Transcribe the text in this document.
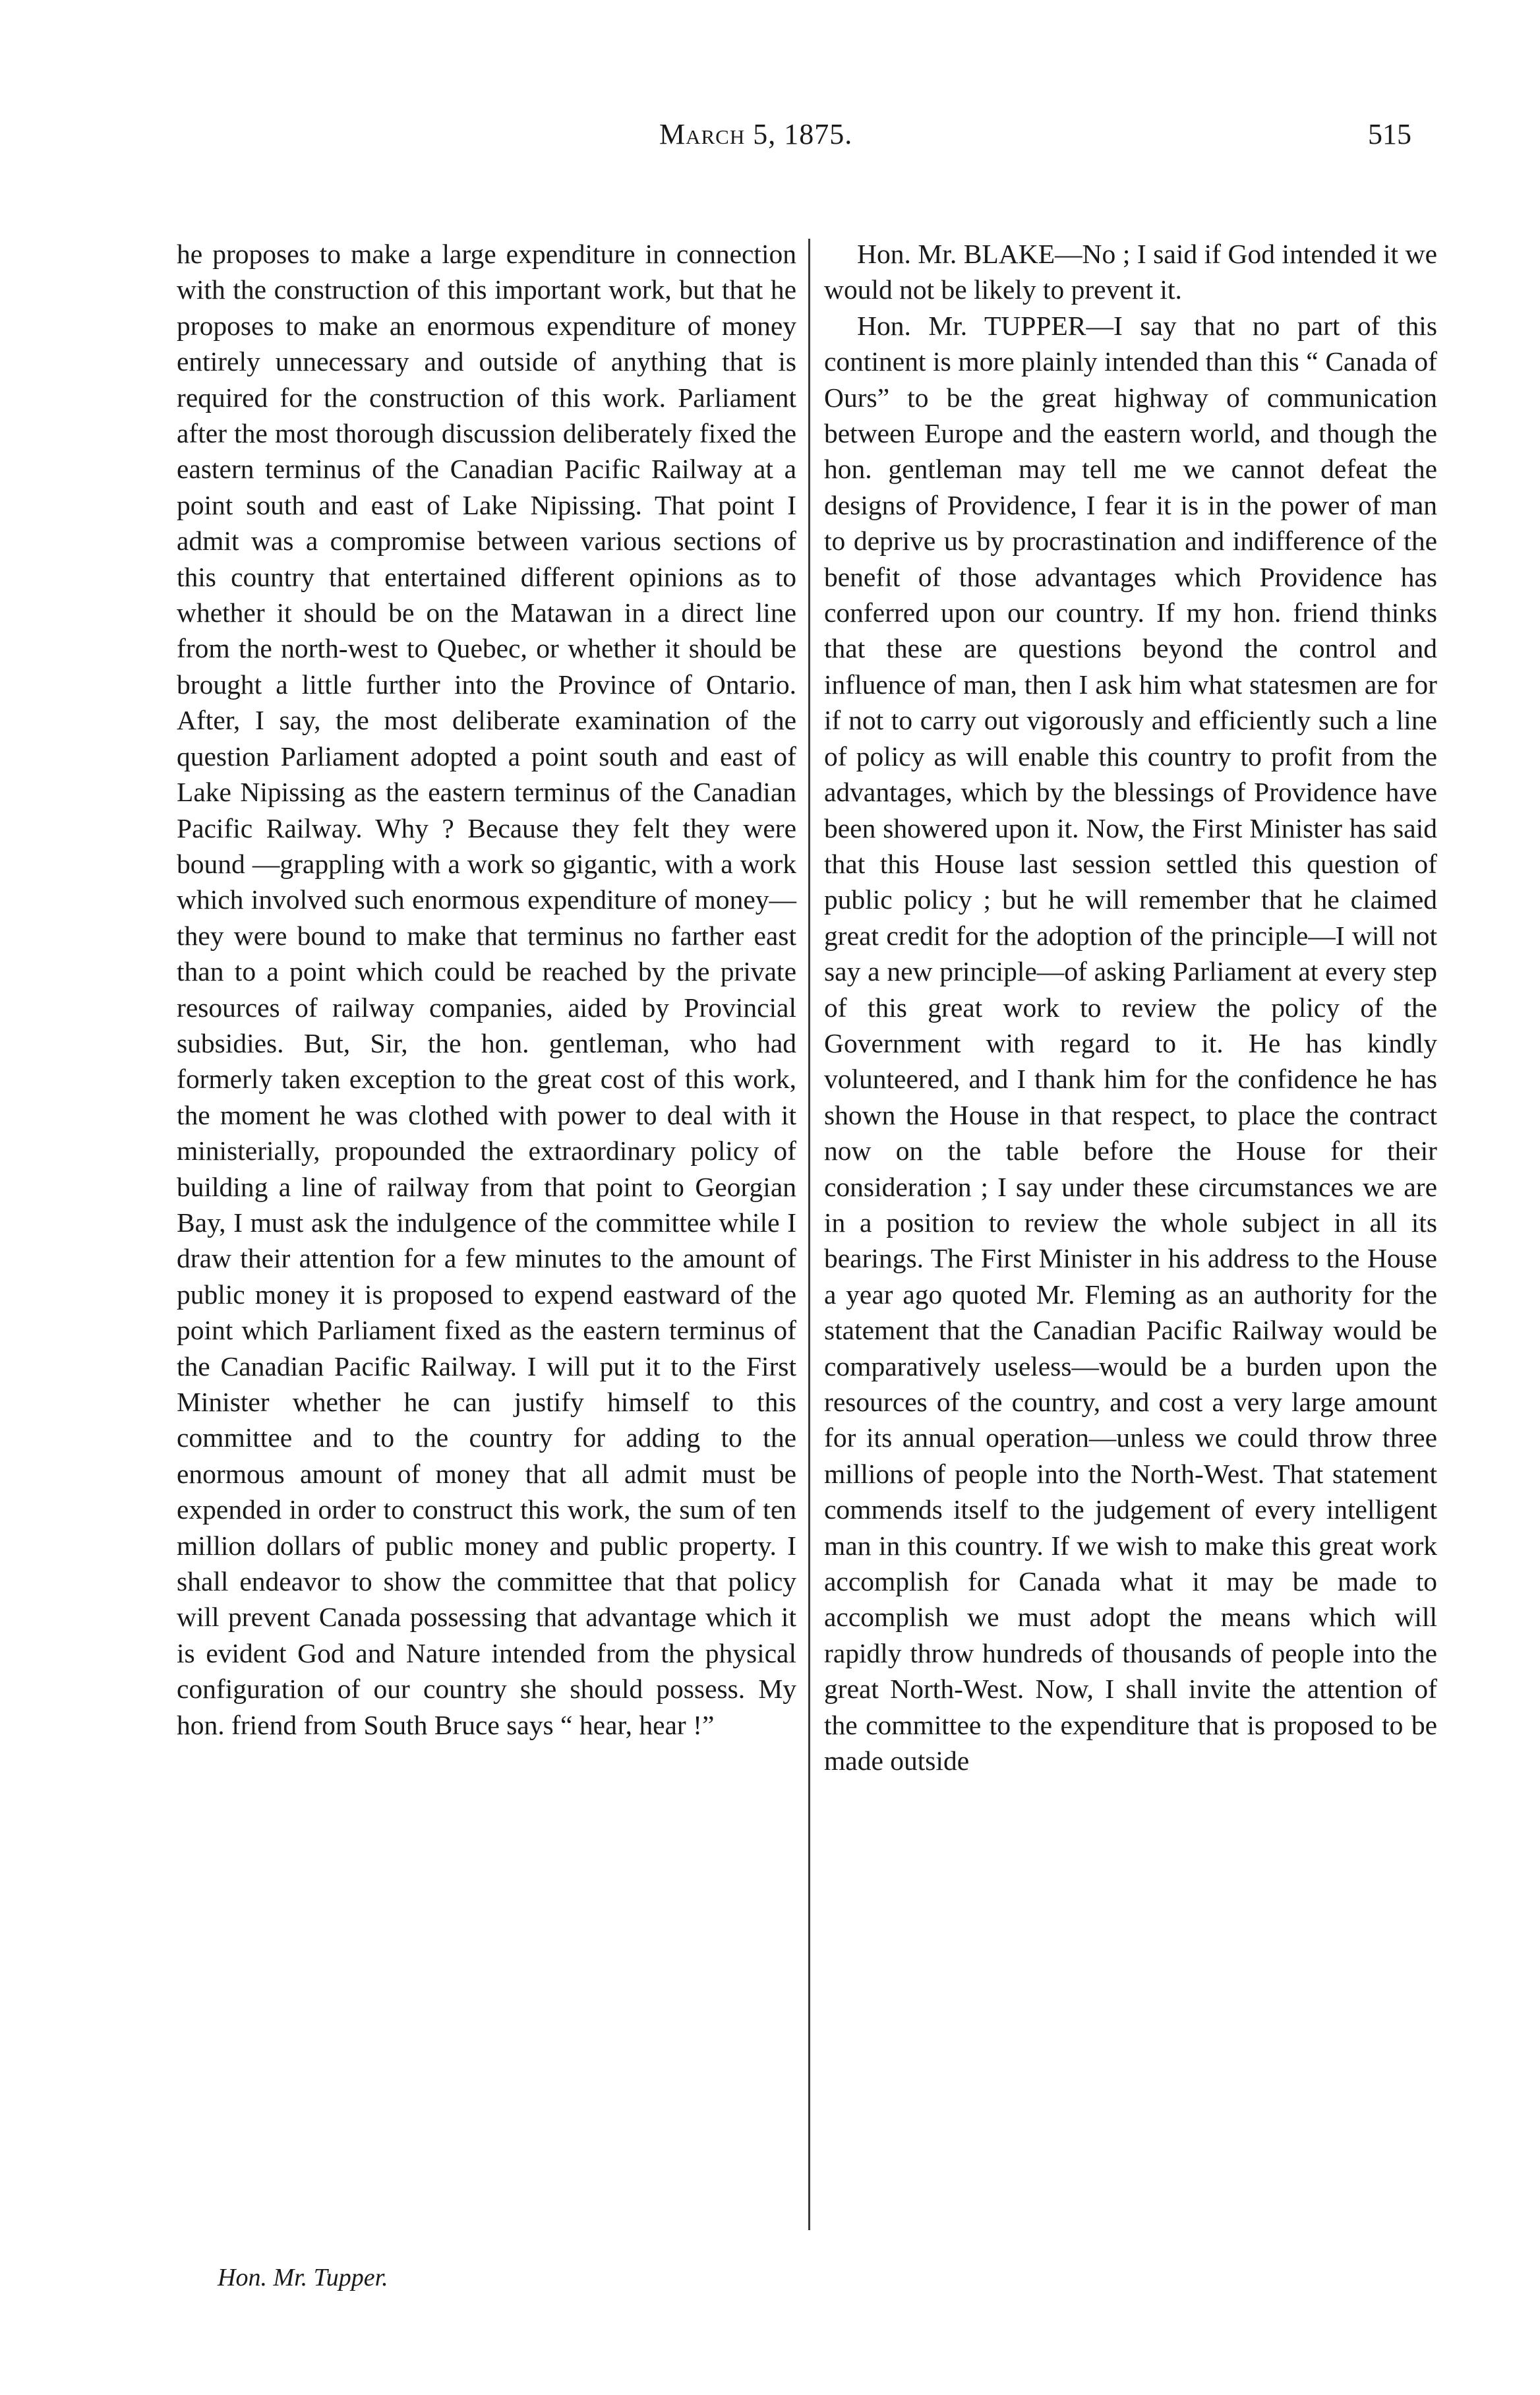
March 5, 1875.	515

he proposes to make a large expenditure in connection with the construction of this important work, but that he proposes to make an enormous expenditure of money entirely unnecessary and outside of anything that is required for the construction of this work. Parliament after the most thorough discussion deliberately fixed the eastern terminus of the Canadian Pacific Railway at a point south and east of Lake Nipissing. That point I admit was a compromise between various sections of this country that entertained different opinions as to whether it should be on the Matawan in a direct line from the north-west to Quebec, or whether it should be brought a little further into the Province of Ontario. After, I say, the most deliberate examination of the question Parliament adopted a point south and east of Lake Nipissing as the eastern terminus of the Canadian Pacific Railway. Why ? Because they felt they were bound —grappling with a work so gigantic, with a work which involved such enormous expenditure of money—they were bound to make that terminus no farther east than to a point which could be reached by the private resources of railway companies, aided by Provincial subsidies. But, Sir, the hon. gentleman, who had formerly taken exception to the great cost of this work, the moment he was clothed with power to deal with it ministerially, propounded the extraordinary policy of building a line of railway from that point to Georgian Bay, I must ask the indulgence of the committee while I draw their attention for a few minutes to the amount of public money it is proposed to expend eastward of the point which Parliament fixed as the eastern terminus of the Canadian Pacific Railway. I will put it to the First Minister whether he can justify himself to this committee and to the country for adding to the enormous amount of money that all admit must be expended in order to construct this work, the sum of ten million dollars of public money and public property. I shall endeavor to show the committee that that policy will prevent Canada possessing that advantage which it is evident God and Nature intended from the physical configuration of our country she should possess. My hon. friend from South Bruce says “ hear, hear !”

Hon. Mr. BLAKE—No ; I said if God intended it we would not be likely to prevent it.

Hon. Mr. TUPPER—I say that no part of this continent is more plainly intended than this “ Canada of Ours” to be the great highway of communication between Europe and the eastern world, and though the hon. gentleman may tell me we cannot defeat the designs of Providence, I fear it is in the power of man to deprive us by procrastination and indifference of the benefit of those advantages which Providence has conferred upon our country. If my hon. friend thinks that these are questions beyond the control and influence of man, then I ask him what statesmen are for if not to carry out vigorously and efficiently such a line of policy as will enable this country to profit from the advantages, which by the blessings of Providence have been showered upon it. Now, the First Minister has said that this House last session settled this question of public policy ; but he will remember that he claimed great credit for the adoption of the principle—I will not say a new principle—of asking Parliament at every step of this great work to review the policy of the Government with regard to it. He has kindly volunteered, and I thank him for the confidence he has shown the House in that respect, to place the contract now on the table before the House for their consideration ; I say under these circumstances we are in a position to review the whole subject in all its bearings. The First Minister in his address to the House a year ago quoted Mr. Fleming as an authority for the statement that the Canadian Pacific Railway would be comparatively useless—would be a burden upon the resources of the country, and cost a very large amount for its annual operation—unless we could throw three millions of people into the North-West. That statement commends itself to the judgement of every intelligent man in this country. If we wish to make this great work accomplish for Canada what it may be made to accomplish we must adopt the means which will rapidly throw hundreds of thousands of people into the great North-West. Now, I shall invite the attention of the committee to the expenditure that is proposed to be made outside

Hon. Mr. Tupper.
